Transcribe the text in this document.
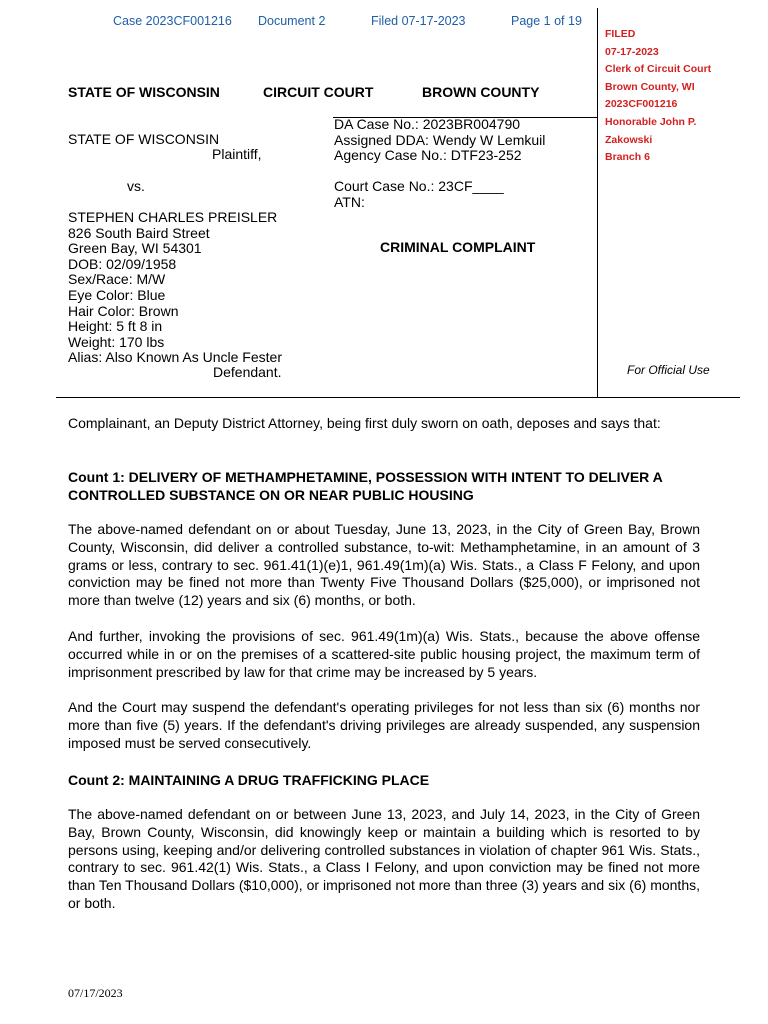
Case 2023CF001216 Document 2	Filed 07-17-2023	Page 1 of 19
FILED
07-17-2023
Clerk of Circuit Court
Brown County, WI
2023CF001216
Honorable John P. Zakowski
Branch 6
STATE OF WISCONSIN	CIRCUIT COURT	BROWN COUNTY
STATE OF WISCONSIN
Plaintiff,
vs.
STEPHEN CHARLES PREISLER
826 South Baird Street
Green Bay, WI 54301
DOB: 02/09/1958
Sex/Race: M/W
Eye Color: Blue
Hair Color: Brown
Height: 5 ft 8 in
Weight: 170 lbs
Alias: Also Known As Uncle Fester
Defendant.
DA Case No.: 2023BR004790
Assigned DDA: Wendy W Lemkuil
Agency Case No.: DTF23-252
Court Case No.: 23CF____
ATN:
CRIMINAL COMPLAINT
For Official Use
Complainant, an Deputy District Attorney, being first duly sworn on oath, deposes and says that:
Count 1: DELIVERY OF METHAMPHETAMINE, POSSESSION WITH INTENT TO DELIVER A CONTROLLED SUBSTANCE ON OR NEAR PUBLIC HOUSING
The above-named defendant on or about Tuesday, June 13, 2023, in the City of Green Bay, Brown County, Wisconsin, did deliver a controlled substance, to-wit: Methamphetamine, in an amount of 3 grams or less, contrary to sec. 961.41(1)(e)1, 961.49(1m)(a) Wis. Stats., a Class F Felony, and upon conviction may be fined not more than Twenty Five Thousand Dollars ($25,000), or imprisoned not more than twelve (12) years and six (6) months, or both.
And further, invoking the provisions of sec. 961.49(1m)(a) Wis. Stats., because the above offense occurred while in or on the premises of a scattered-site public housing project, the maximum term of imprisonment prescribed by law for that crime may be increased by 5 years.
And the Court may suspend the defendant's operating privileges for not less than six (6) months nor more than five (5) years. If the defendant's driving privileges are already suspended, any suspension imposed must be served consecutively.
Count 2: MAINTAINING A DRUG TRAFFICKING PLACE
The above-named defendant on or between June 13, 2023, and July 14, 2023, in the City of Green Bay, Brown County, Wisconsin, did knowingly keep or maintain a building which is resorted to by persons using, keeping and/or delivering controlled substances in violation of chapter 961 Wis. Stats., contrary to sec. 961.42(1) Wis. Stats., a Class I Felony, and upon conviction may be fined not more than Ten Thousand Dollars ($10,000), or imprisoned not more than three (3) years and six (6) months, or both.
07/17/2023
